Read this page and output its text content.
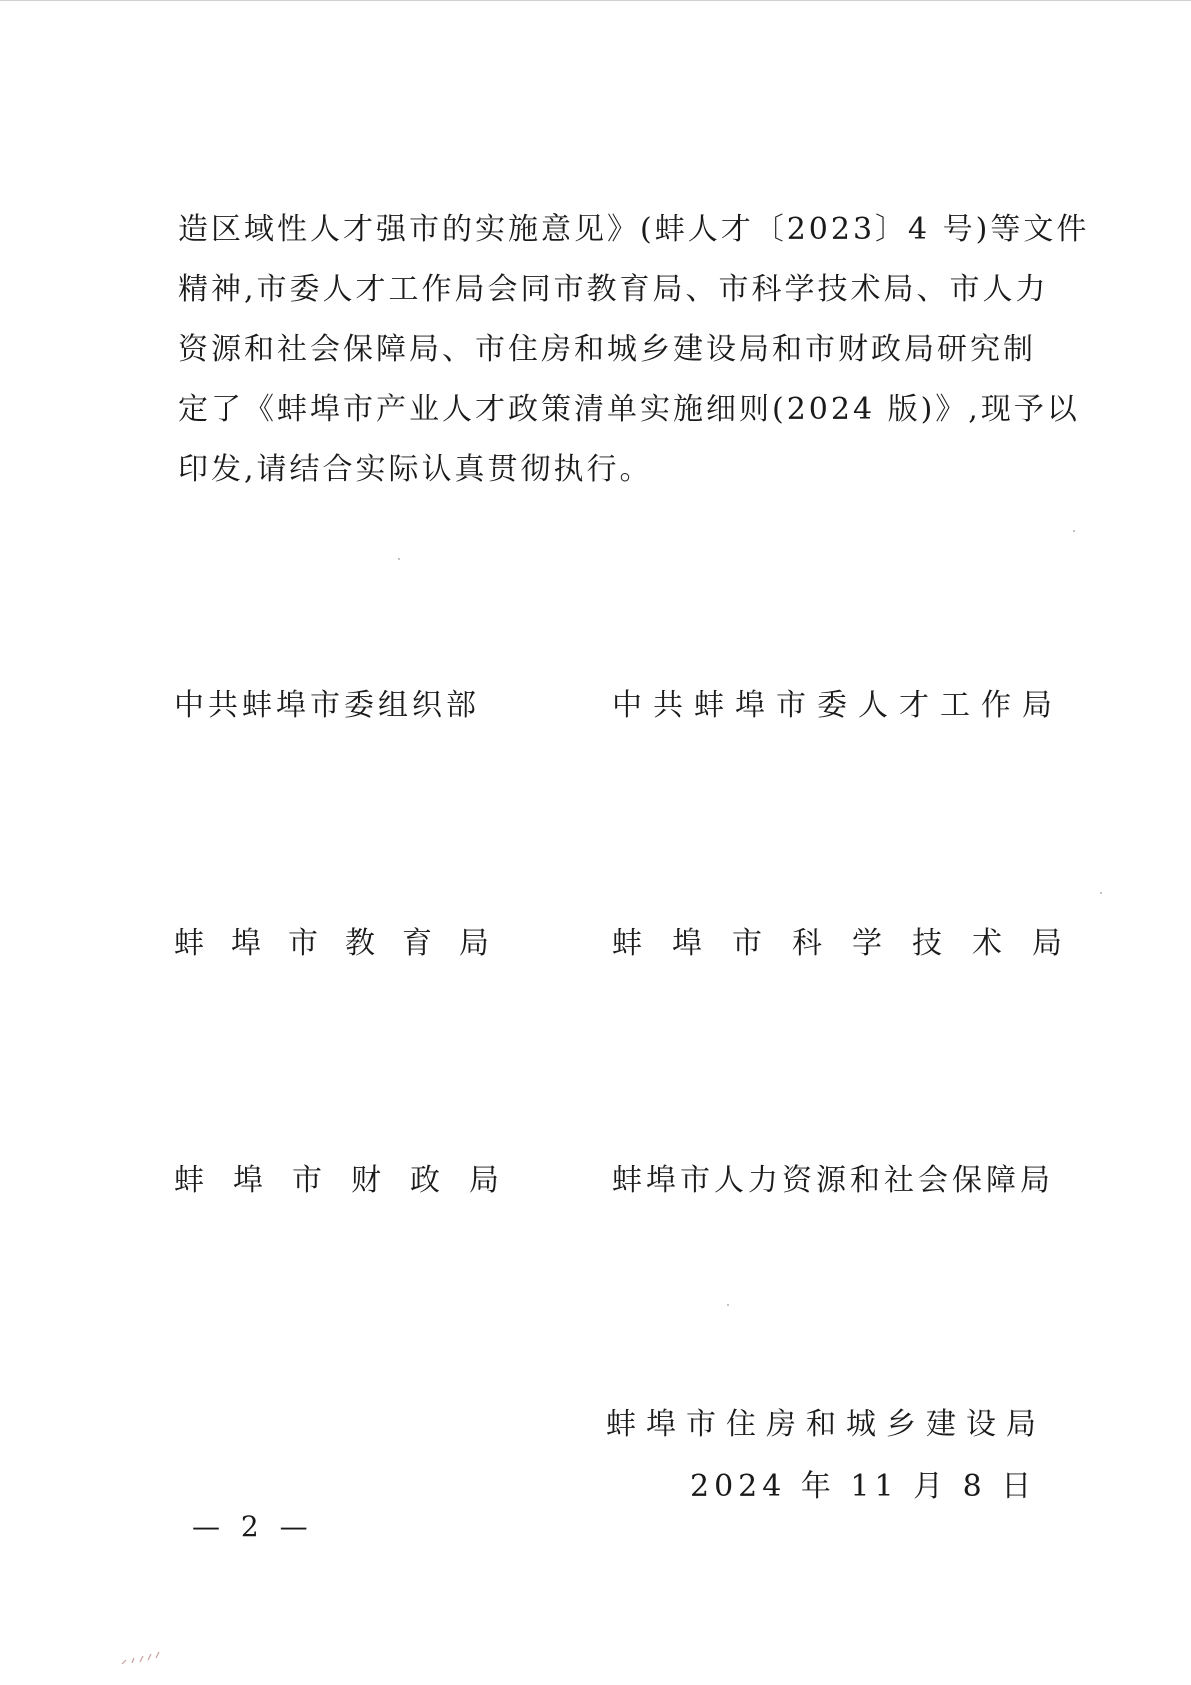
造区域性人才强市的实施意见》(蚌人才〔2023〕4 号)等文件
精神,市委人才工作局会同市教育局、市科学技术局、市人力
资源和社会保障局、市住房和城乡建设局和市财政局研究制
定了《蚌埠市产业人才政策清单实施细则(2024 版)》,现予以
印发,请结合实际认真贯彻执行。

中共蚌埠市委组织部	中共蚌埠市委人才工作局

蚌埠市教育局	蚌埠市科学技术局

蚌埠市财政局	蚌埠市人力资源和社会保障局

蚌埠市住房和城乡建设局

2024 年 11 月 8 日

— 2 —
